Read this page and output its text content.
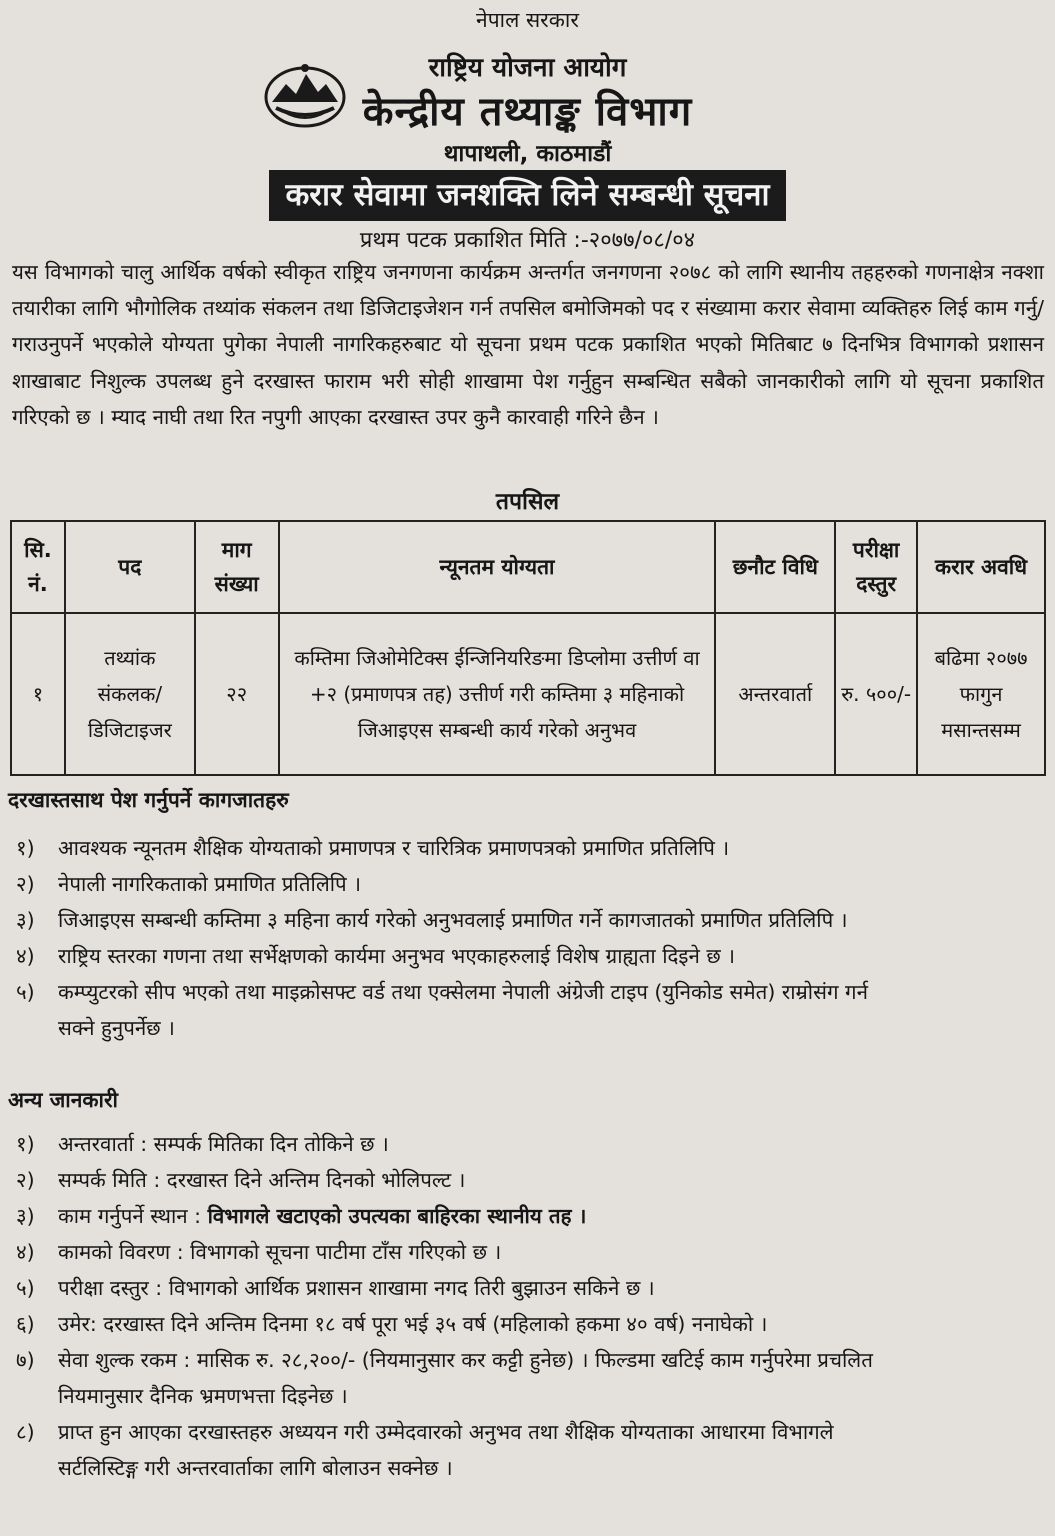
नेपाल सरकार
राष्ट्रिय योजना आयोग
केन्द्रीय तथ्याङ्क विभाग
थापाथली, काठमाडौं
करार सेवामा जनशक्ति लिने सम्बन्धी सूचना
प्रथम पटक प्रकाशित मिति :-२०७७/०८/०४
यस विभागको चालु आर्थिक वर्षको स्वीकृत राष्ट्रिय जनगणना कार्यक्रम अन्तर्गत जनगणना २०७८ को लागि स्थानीय तहहरुको गणनाक्षेत्र नक्शा तयारीका लागि भौगोलिक तथ्यांक संकलन तथा डिजिटाइजेशन गर्न तपसिल बमोजिमको पद र संख्यामा करार सेवामा व्यक्तिहरु लिई काम गर्नु/गराउनुपर्ने भएकोले योग्यता पुगेका नेपाली नागरिकहरुबाट यो सूचना प्रथम पटक प्रकाशित भएको मितिबाट ७ दिनभित्र विभागको प्रशासन शाखाबाट निशुल्क उपलब्ध हुने दरखास्त फाराम भरी सोही शाखामा पेश गर्नुहुन सम्बन्धित सबैको जानकारीको लागि यो सूचना प्रकाशित गरिएको छ । म्याद नाघी तथा रित नपुगी आएका दरखास्त उपर कुनै कारवाही गरिने छैन ।
तपसिल
सि. नं.	पद	माग संख्या	न्यूनतम योग्यता	छनौट विधि	परीक्षा दस्तुर	करार अवधि
१	तथ्यांक संकलक/ डिजिटाइजर	२२	कम्तिमा जिओमेटिक्स ईन्जिनियरिङमा डिप्लोमा उत्तीर्ण वा +२ (प्रमाणपत्र तह) उत्तीर्ण गरी कम्तिमा ३ महिनाको जिआइएस सम्बन्धी कार्य गरेको अनुभव	अन्तरवार्ता	रु. ५००/-	बढिमा २०७७ फागुन मसान्तसम्म
दरखास्तसाथ पेश गर्नुपर्ने कागजातहरु
१) आवश्यक न्यूनतम शैक्षिक योग्यताको प्रमाणपत्र र चारित्रिक प्रमाणपत्रको प्रमाणित प्रतिलिपि ।
२) नेपाली नागरिकताको प्रमाणित प्रतिलिपि ।
३) जिआइएस सम्बन्धी कम्तिमा ३ महिना कार्य गरेको अनुभवलाई प्रमाणित गर्ने कागजातको प्रमाणित प्रतिलिपि ।
४) राष्ट्रिय स्तरका गणना तथा सर्भेक्षणको कार्यमा अनुभव भएकाहरुलाई विशेष ग्राह्यता दिइने छ ।
५) कम्प्युटरको सीप भएको तथा माइक्रोसफ्ट वर्ड तथा एक्सेलमा नेपाली अंग्रेजी टाइप (युनिकोड समेत) राम्रोसंग गर्न
सक्ने हुनुपर्नेछ ।
अन्य जानकारी
१) अन्तरवार्ता : सम्पर्क मितिका दिन तोकिने छ ।
२) सम्पर्क मिति : दरखास्त दिने अन्तिम दिनको भोलिपल्ट ।
३) काम गर्नुपर्ने स्थान : विभागले खटाएको उपत्यका बाहिरका स्थानीय तह ।
४) कामको विवरण : विभागको सूचना पाटीमा टाँस गरिएको छ ।
५) परीक्षा दस्तुर : विभागको आर्थिक प्रशासन शाखामा नगद तिरी बुझाउन सकिने छ ।
६) उमेर: दरखास्त दिने अन्तिम दिनमा १८ वर्ष पूरा भई ३५ वर्ष (महिलाको हकमा ४० वर्ष) ननाघेको ।
७) सेवा शुल्क रकम : मासिक रु. २८,२००/- (नियमानुसार कर कट्टी हुनेछ) । फिल्डमा खटिई काम गर्नुपरेमा प्रचलित
नियमानुसार दैनिक भ्रमणभत्ता दिइनेछ ।
८) प्राप्त हुन आएका दरखास्तहरु अध्ययन गरी उम्मेदवारको अनुभव तथा शैक्षिक योग्यताका आधारमा विभागले
सर्टलिस्टिङ्ग गरी अन्तरवार्ताका लागि बोलाउन सक्नेछ ।
